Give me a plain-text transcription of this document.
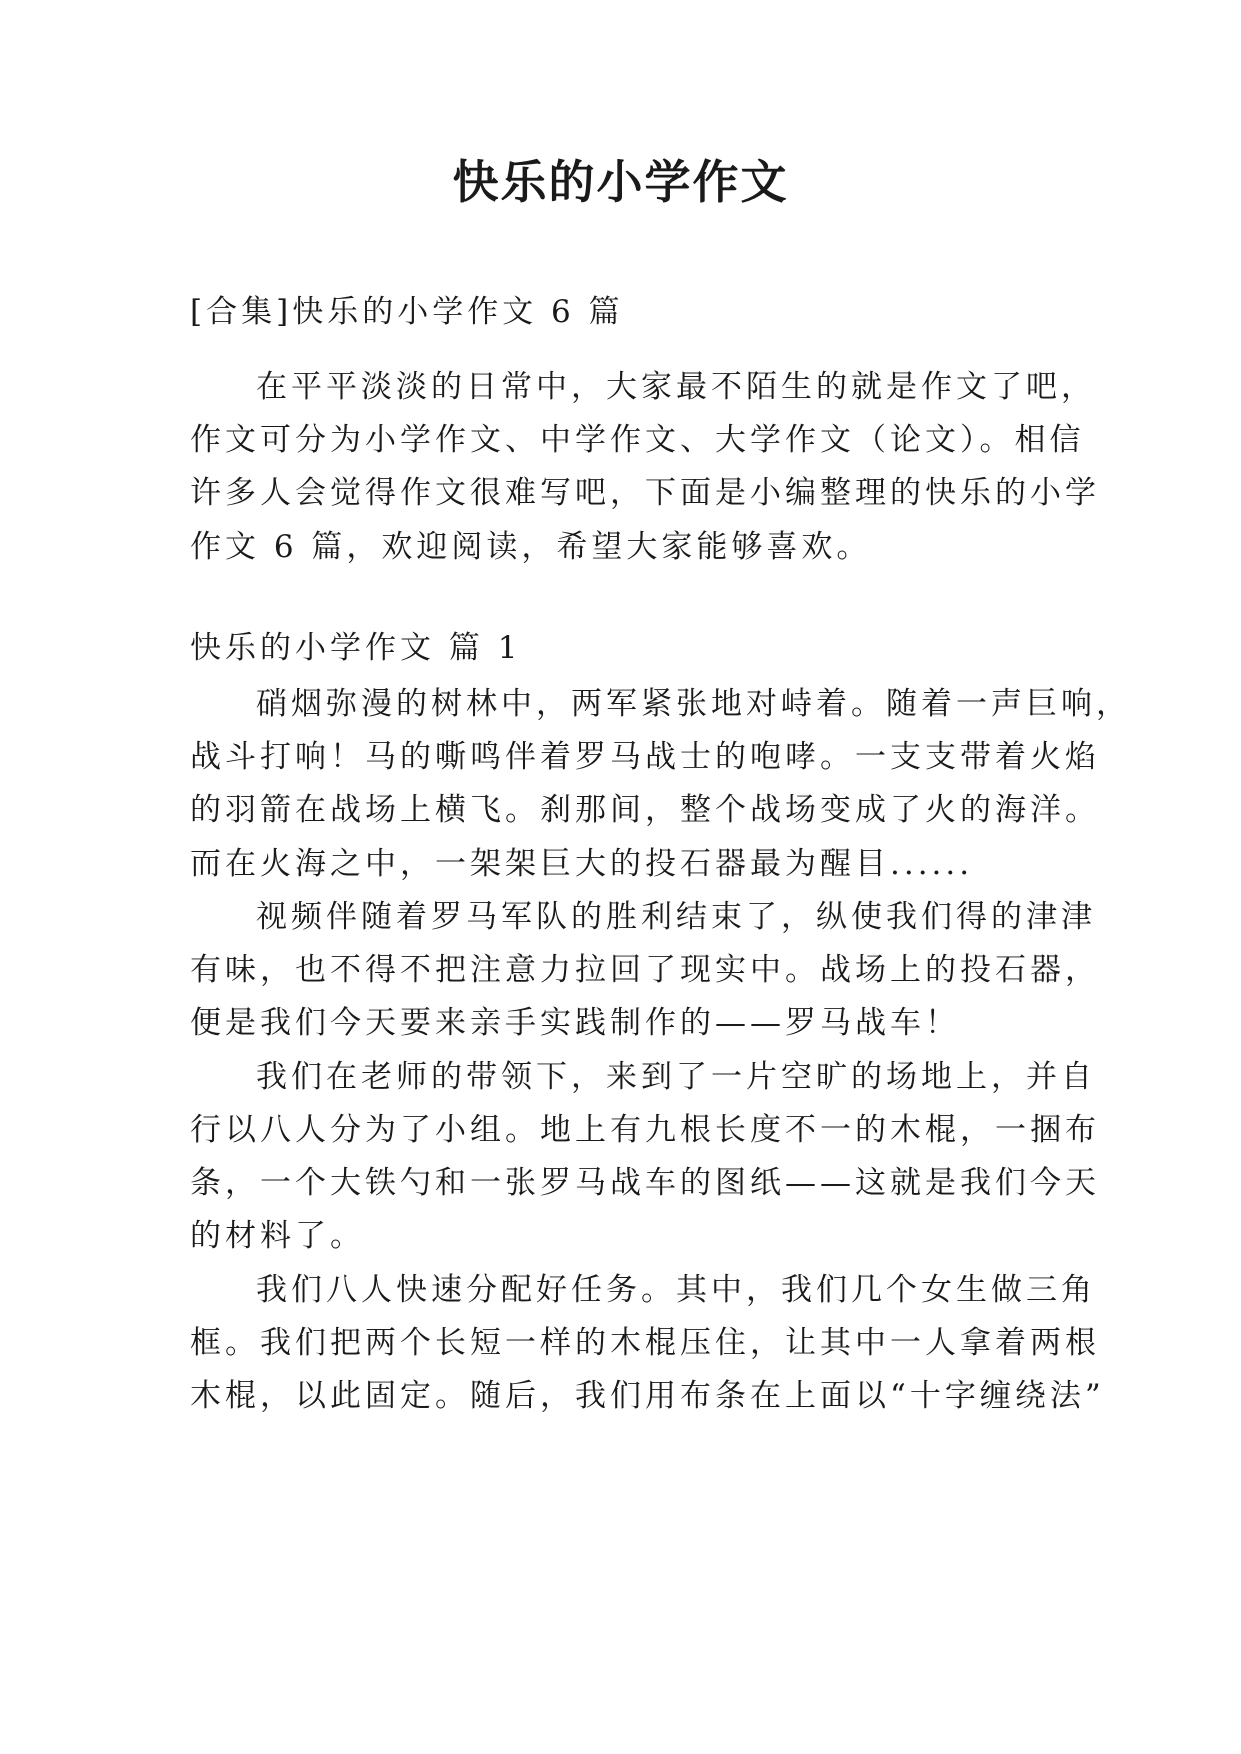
快乐的小学作文
[合集]快乐的小学作文 6 篇
在平平淡淡的日常中，大家最不陌生的就是作文了吧，
作文可分为小学作文、中学作文、大学作文（论文）。相信
许多人会觉得作文很难写吧，下面是小编整理的快乐的小学
作文 6 篇，欢迎阅读，希望大家能够喜欢。
快乐的小学作文 篇 1
硝烟弥漫的树林中，两军紧张地对峙着。随着一声巨响，
战斗打响！马的嘶鸣伴着罗马战士的咆哮。一支支带着火焰
的羽箭在战场上横飞。刹那间，整个战场变成了火的海洋。
而在火海之中，一架架巨大的投石器最为醒目......
视频伴随着罗马军队的胜利结束了，纵使我们得的津津
有味，也不得不把注意力拉回了现实中。战场上的投石器，
便是我们今天要来亲手实践制作的——罗马战车！
我们在老师的带领下，来到了一片空旷的场地上，并自
行以八人分为了小组。地上有九根长度不一的木棍，一捆布
条，一个大铁勺和一张罗马战车的图纸——这就是我们今天
的材料了。
我们八人快速分配好任务。其中，我们几个女生做三角
框。我们把两个长短一样的木棍压住，让其中一人拿着两根
木棍，以此固定。随后，我们用布条在上面以“十字缠绕法”
